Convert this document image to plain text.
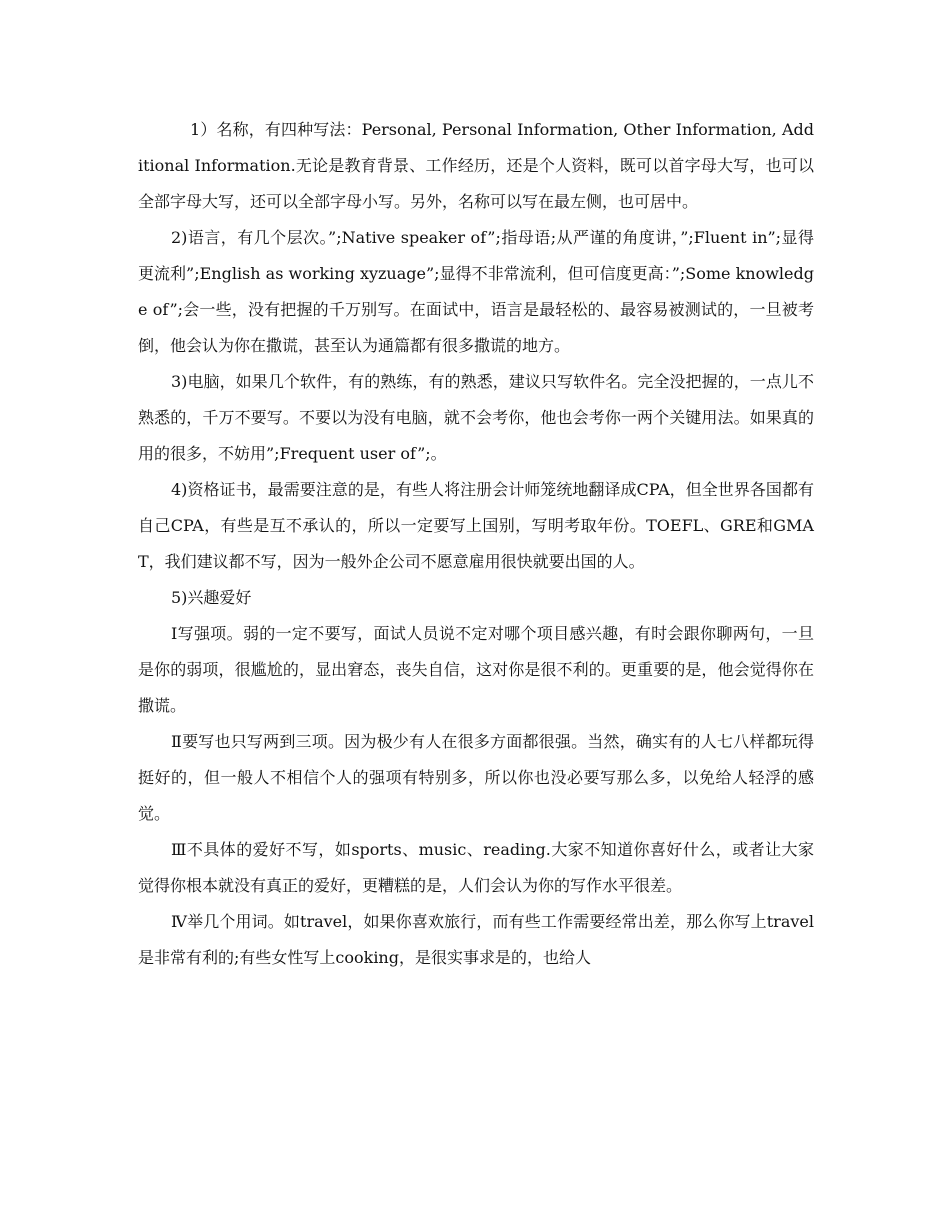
1）名称，有四种写法：Personal, Personal Information, Other Information, Additional Information.无论是教育背景、工作经历，还是个人资料，既可以首字母大写，也可以全部字母大写，还可以全部字母小写。另外，名称可以写在最左侧，也可居中。

2)语言，有几个层次。”;Native speaker of”;指母语;从严谨的角度讲，”;Fluent in”;显得更流利”;English as working xyzuage”;显得不非常流利，但可信度更高：”;Some knowledge of”;会一些，没有把握的千万别写。在面试中，语言是最轻松的、最容易被测试的，一旦被考倒，他会认为你在撒谎，甚至认为通篇都有很多撒谎的地方。

3)电脑，如果几个软件，有的熟练，有的熟悉，建议只写软件名。完全没把握的，一点儿不熟悉的，千万不要写。不要以为没有电脑，就不会考你，他也会考你一两个关键用法。如果真的用的很多，不妨用”;Frequent user of”;。

4)资格证书，最需要注意的是，有些人将注册会计师笼统地翻译成CPA，但全世界各国都有自己CPA，有些是互不承认的，所以一定要写上国别，写明考取年份。TOEFL、GRE和GMAT，我们建议都不写，因为一般外企公司不愿意雇用很快就要出国的人。

5)兴趣爱好

Ⅰ写强项。弱的一定不要写，面试人员说不定对哪个项目感兴趣，有时会跟你聊两句，一旦是你的弱项，很尴尬的，显出窘态，丧失自信，这对你是很不利的。更重要的是，他会觉得你在撒谎。

Ⅱ要写也只写两到三项。因为极少有人在很多方面都很强。当然，确实有的人七八样都玩得挺好的，但一般人不相信个人的强项有特别多，所以你也没必要写那么多，以免给人轻浮的感觉。

Ⅲ不具体的爱好不写，如sports、music、reading.大家不知道你喜好什么，或者让大家觉得你根本就没有真正的爱好，更糟糕的是，人们会认为你的写作水平很差。

Ⅳ举几个用词。如travel，如果你喜欢旅行，而有些工作需要经常出差，那么你写上travel是非常有利的;有些女性写上cooking，是很实事求是的，也给人
